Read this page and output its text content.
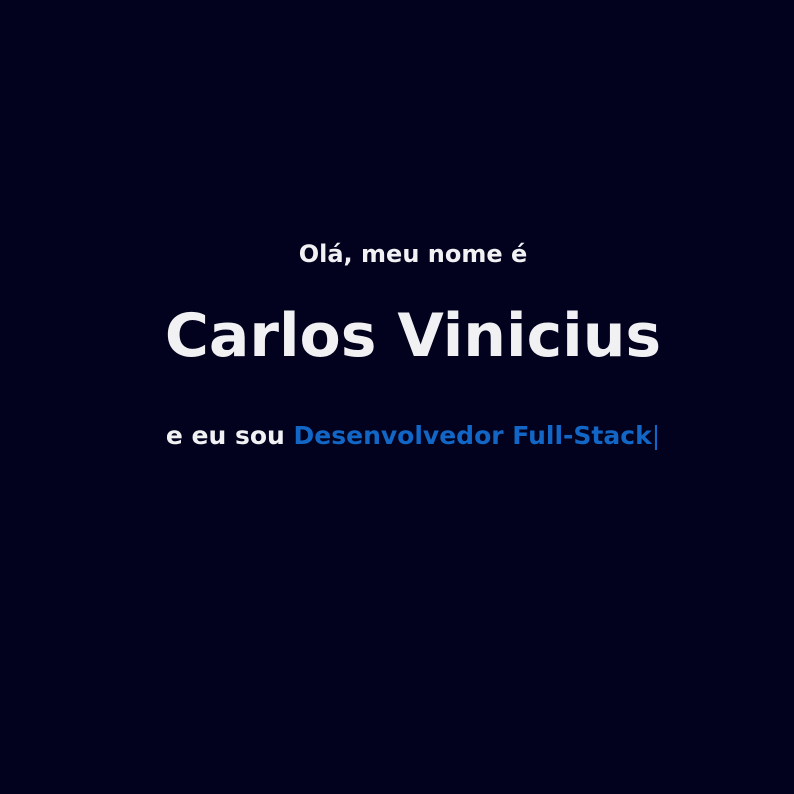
Olá, meu nome é
Carlos Vinicius
e eu sou Desenvolvedor Full-Stack|
